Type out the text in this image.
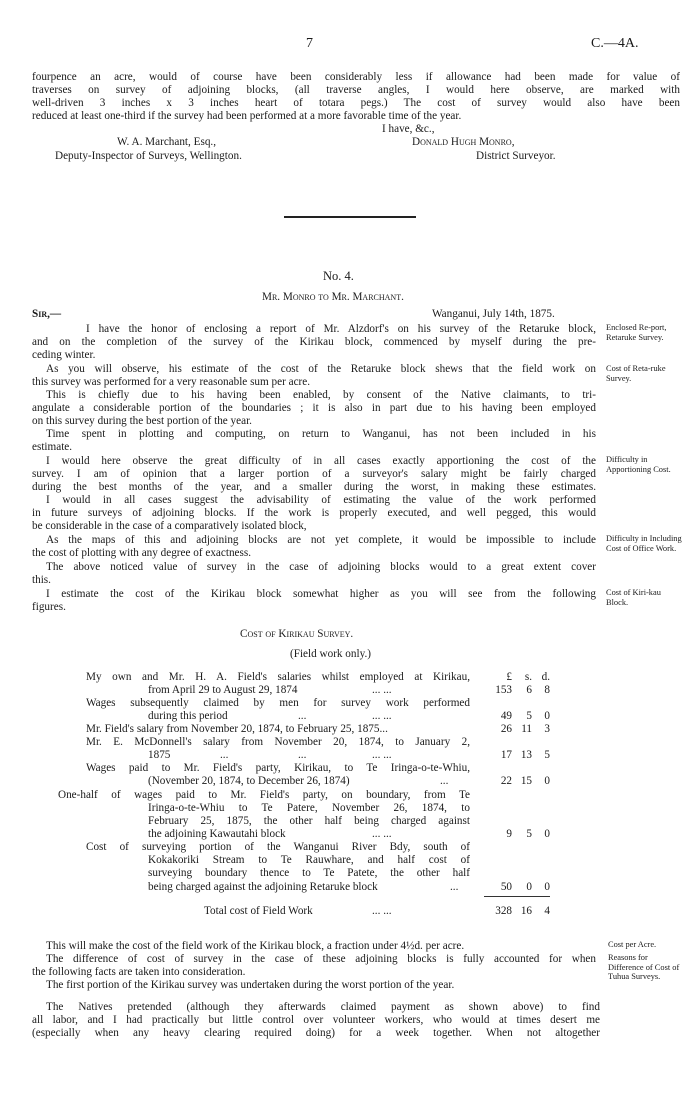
7	C.—4A.
fourpence an acre, would of course have been considerably less if allowance had been made for value of
traverses on survey of adjoining blocks, (all traverse angles, I would here observe, are marked with
well-driven 3 inches x 3 inches heart of totara pegs.) The cost of survey would also have been
reduced at least one-third if the survey had been performed at a more favorable time of the year.
I have, &c.,
W. A. Marchant, Esq.,
Deputy-Inspector of Surveys, Wellington.
Donald Hugh Monro,
District Surveyor.
No. 4.
Mr. Monro to Mr. Marchant.
Wanganui, July 14th, 1875.
Sir,—
I have the honor of enclosing a report of Mr. Alzdorf's on his survey of the Retaruke block,
and on the completion of the survey of the Kirikau block, commenced by myself during the pre-
ceding winter.
As you will observe, his estimate of the cost of the Retaruke block shews that the field work on
this survey was performed for a very reasonable sum per acre.
This is chiefly due to his having been enabled, by consent of the Native claimants, to tri-
angulate a considerable portion of the boundaries ; it is also in part due to his having been employed
on this survey during the best portion of the year.
Time spent in plotting and computing, on return to Wanganui, has not been included in his
estimate.
I would here observe the great difficulty of in all cases exactly apportioning the cost of the
survey. I am of opinion that a larger portion of a surveyor's salary might be fairly charged
during the best months of the year, and a smaller during the worst, in making these estimates.
I would in all cases suggest the advisability of estimating the value of the work performed
in future surveys of adjoining blocks. If the work is properly executed, and well pegged, this would
be considerable in the case of a comparatively isolated block,
As the maps of this and adjoining blocks are not yet complete, it would be impossible to include
the cost of plotting with any degree of exactness.
The above noticed value of survey in the case of adjoining blocks would to a great extent cover
this.
I estimate the cost of the Kirikau block somewhat higher as you will see from the following
figures.
Enclosed Re-port, Retaruke Survey.
Cost of Reta-ruke Survey.
Difficulty in Apportioning Cost.
Difficulty in Including Cost of Office Work.
Cost of Kiri-kau Block.
Cost of Kirikau Survey.
(Field work only.)
£	s. d.
My own and Mr. H. A. Field's salaries whilst employed at Kirikau,
from April 29 to August 29, 1874	... ...	153	6	8
Wages subsequently claimed by men for survey work performed
during this period	...	... ...	49	5	0
Mr. Field's salary from November 20, 1874, to February 25, 1875...	26 11	3
Mr. E. McDonnell's salary from November 20, 1874, to January 2,
1875	...	...	... ...	17 13	5
Wages paid to Mr. Field's party, Kirikau, to Te Iringa-o-te-Whiu,
(November 20, 1874, to December 26, 1874)	...	22 15	0
One-half of wages paid to Mr. Field's party, on boundary, from Te
Iringa-o-te-Whiu to Te Patere, November 26, 1874, to
February 25, 1875, the other half being charged against
the adjoining Kawautahi block	... ...	9	5	0
Cost of surveying portion of the Wanganui River Bdy, south of
Kokakoriki Stream to Te Rauwhare, and half cost of
surveying boundary thence to Te Patete, the other half
being charged against the adjoining Retaruke block	...	50	0	0
Total cost of Field Work	... ...	328 16	4
This will make the cost of the field work of the Kirikau block, a fraction under 4½d. per acre.
The difference of cost of survey in the case of these adjoining blocks is fully accounted for when
the following facts are taken into consideration.
The first portion of the Kirikau survey was undertaken during the worst portion of the year.
The Natives pretended (although they afterwards claimed payment as shown above) to find
all labor, and I had practically but little control over volunteer workers, who would at times desert me
(especially when any heavy clearing required doing) for a week together. When not altogether
Cost per Acre.
Reasons for Difference of Cost of Tuhua Surveys.
